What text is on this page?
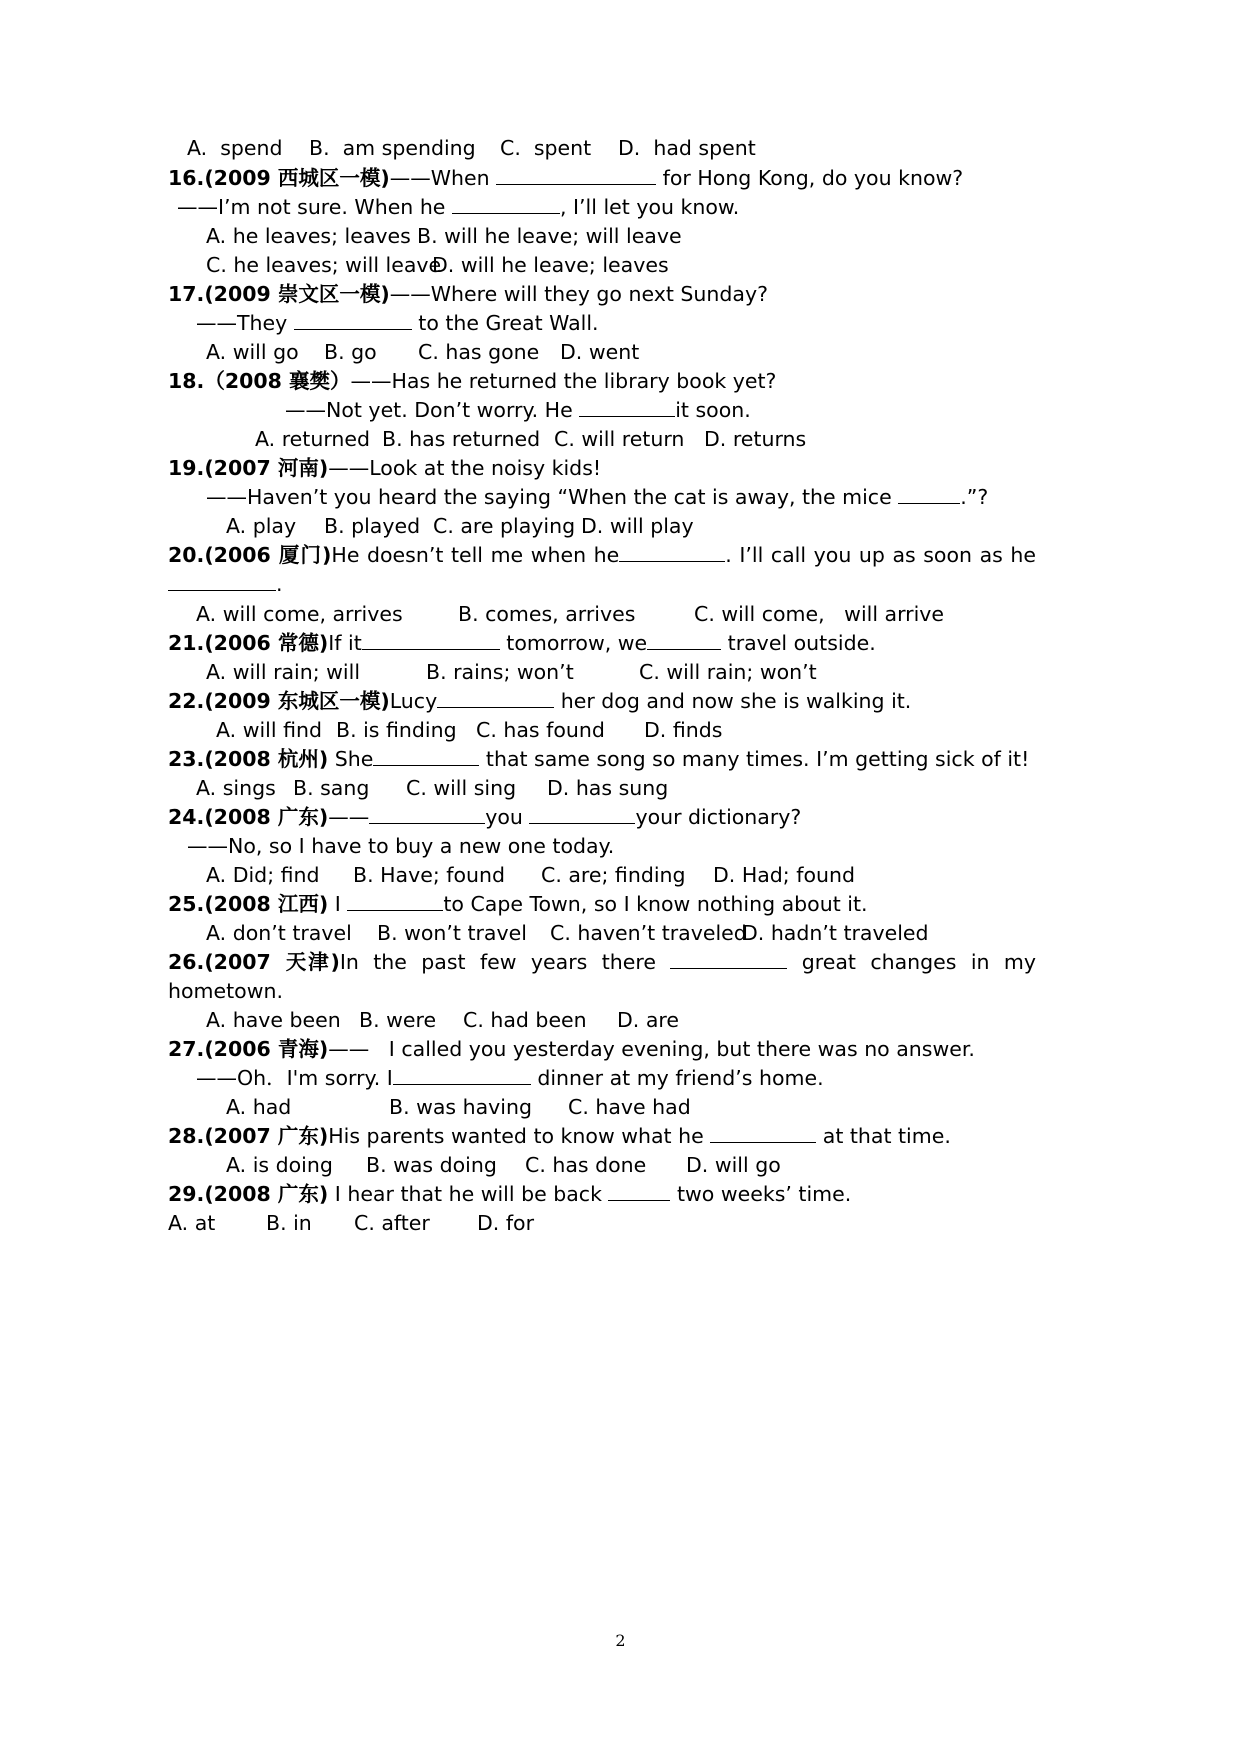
A.  spend B.  am spending C.  spent D.  had spent
16.(2009 西城区一模)——When	for Hong Kong, do you know?
——I’m not sure. When he	, I’ll let you know.
A. he leaves; leaves B. will he leave; will leave
C. he leaves; will leave
D. will he leave; leaves
17.(2009 崇文区一模)——Where will they go next Sunday?
——They	to the Great Wall.
A. will go B. go C. has gone D. went
18.（2008 襄樊）——Has he returned the library book yet?
——Not yet. Don’t worry. He	it soon.
A. returned B. has returned C. will return D. returns
19.(2007 河南)——Look at the noisy kids!
——Haven’t you heard the saying “When the cat is away, the mice	.”?
A. play B. played C. are playing D. will play
20.(2006 厦门)He doesn’t tell me when he	. I’ll call you up as soon as he
.
A. will come, arrives	B. comes, arrives	C. will come,   will arrive
21.(2006 常德)If it	tomorrow, we	travel outside.
A. will rain; will	B. rains; won’t	C. will rain; won’t
22.(2009 东城区一模)Lucy	her dog and now she is walking it.
A. will find B. is finding C. has found D. finds
23.(2008 杭州) She	that same song so many times. I’m getting sick of it!
A. sings B. sang C. will sing D. has sung
24.(2008 广东)——	you	your dictionary?
——No, so I have to buy a new one today.
A. Did; find B. Have; found C. are; finding D. Had; found
25.(2008 江西) I	to Cape Town, so I know nothing about it.
A. don’t travel B. won’t travel C. haven’t traveled
D. hadn’t traveled
26.(2007 天津)In the past few years there	great changes in my
hometown.
A. have been B. were C. had been D. are
27.(2006 青海)——   I called you yesterday evening, but there was no answer.
——Oh．I'm sorry. I	dinner at my friend’s home.
A. had	B. was having C. have had
28.(2007 广东)His parents wanted to know what he	at that time.
A. is doing B. was doing C. has done D. will go
29.(2008 广东) I hear that he will be back	two weeks’ time.
A. at B. in C. after D. for
2
